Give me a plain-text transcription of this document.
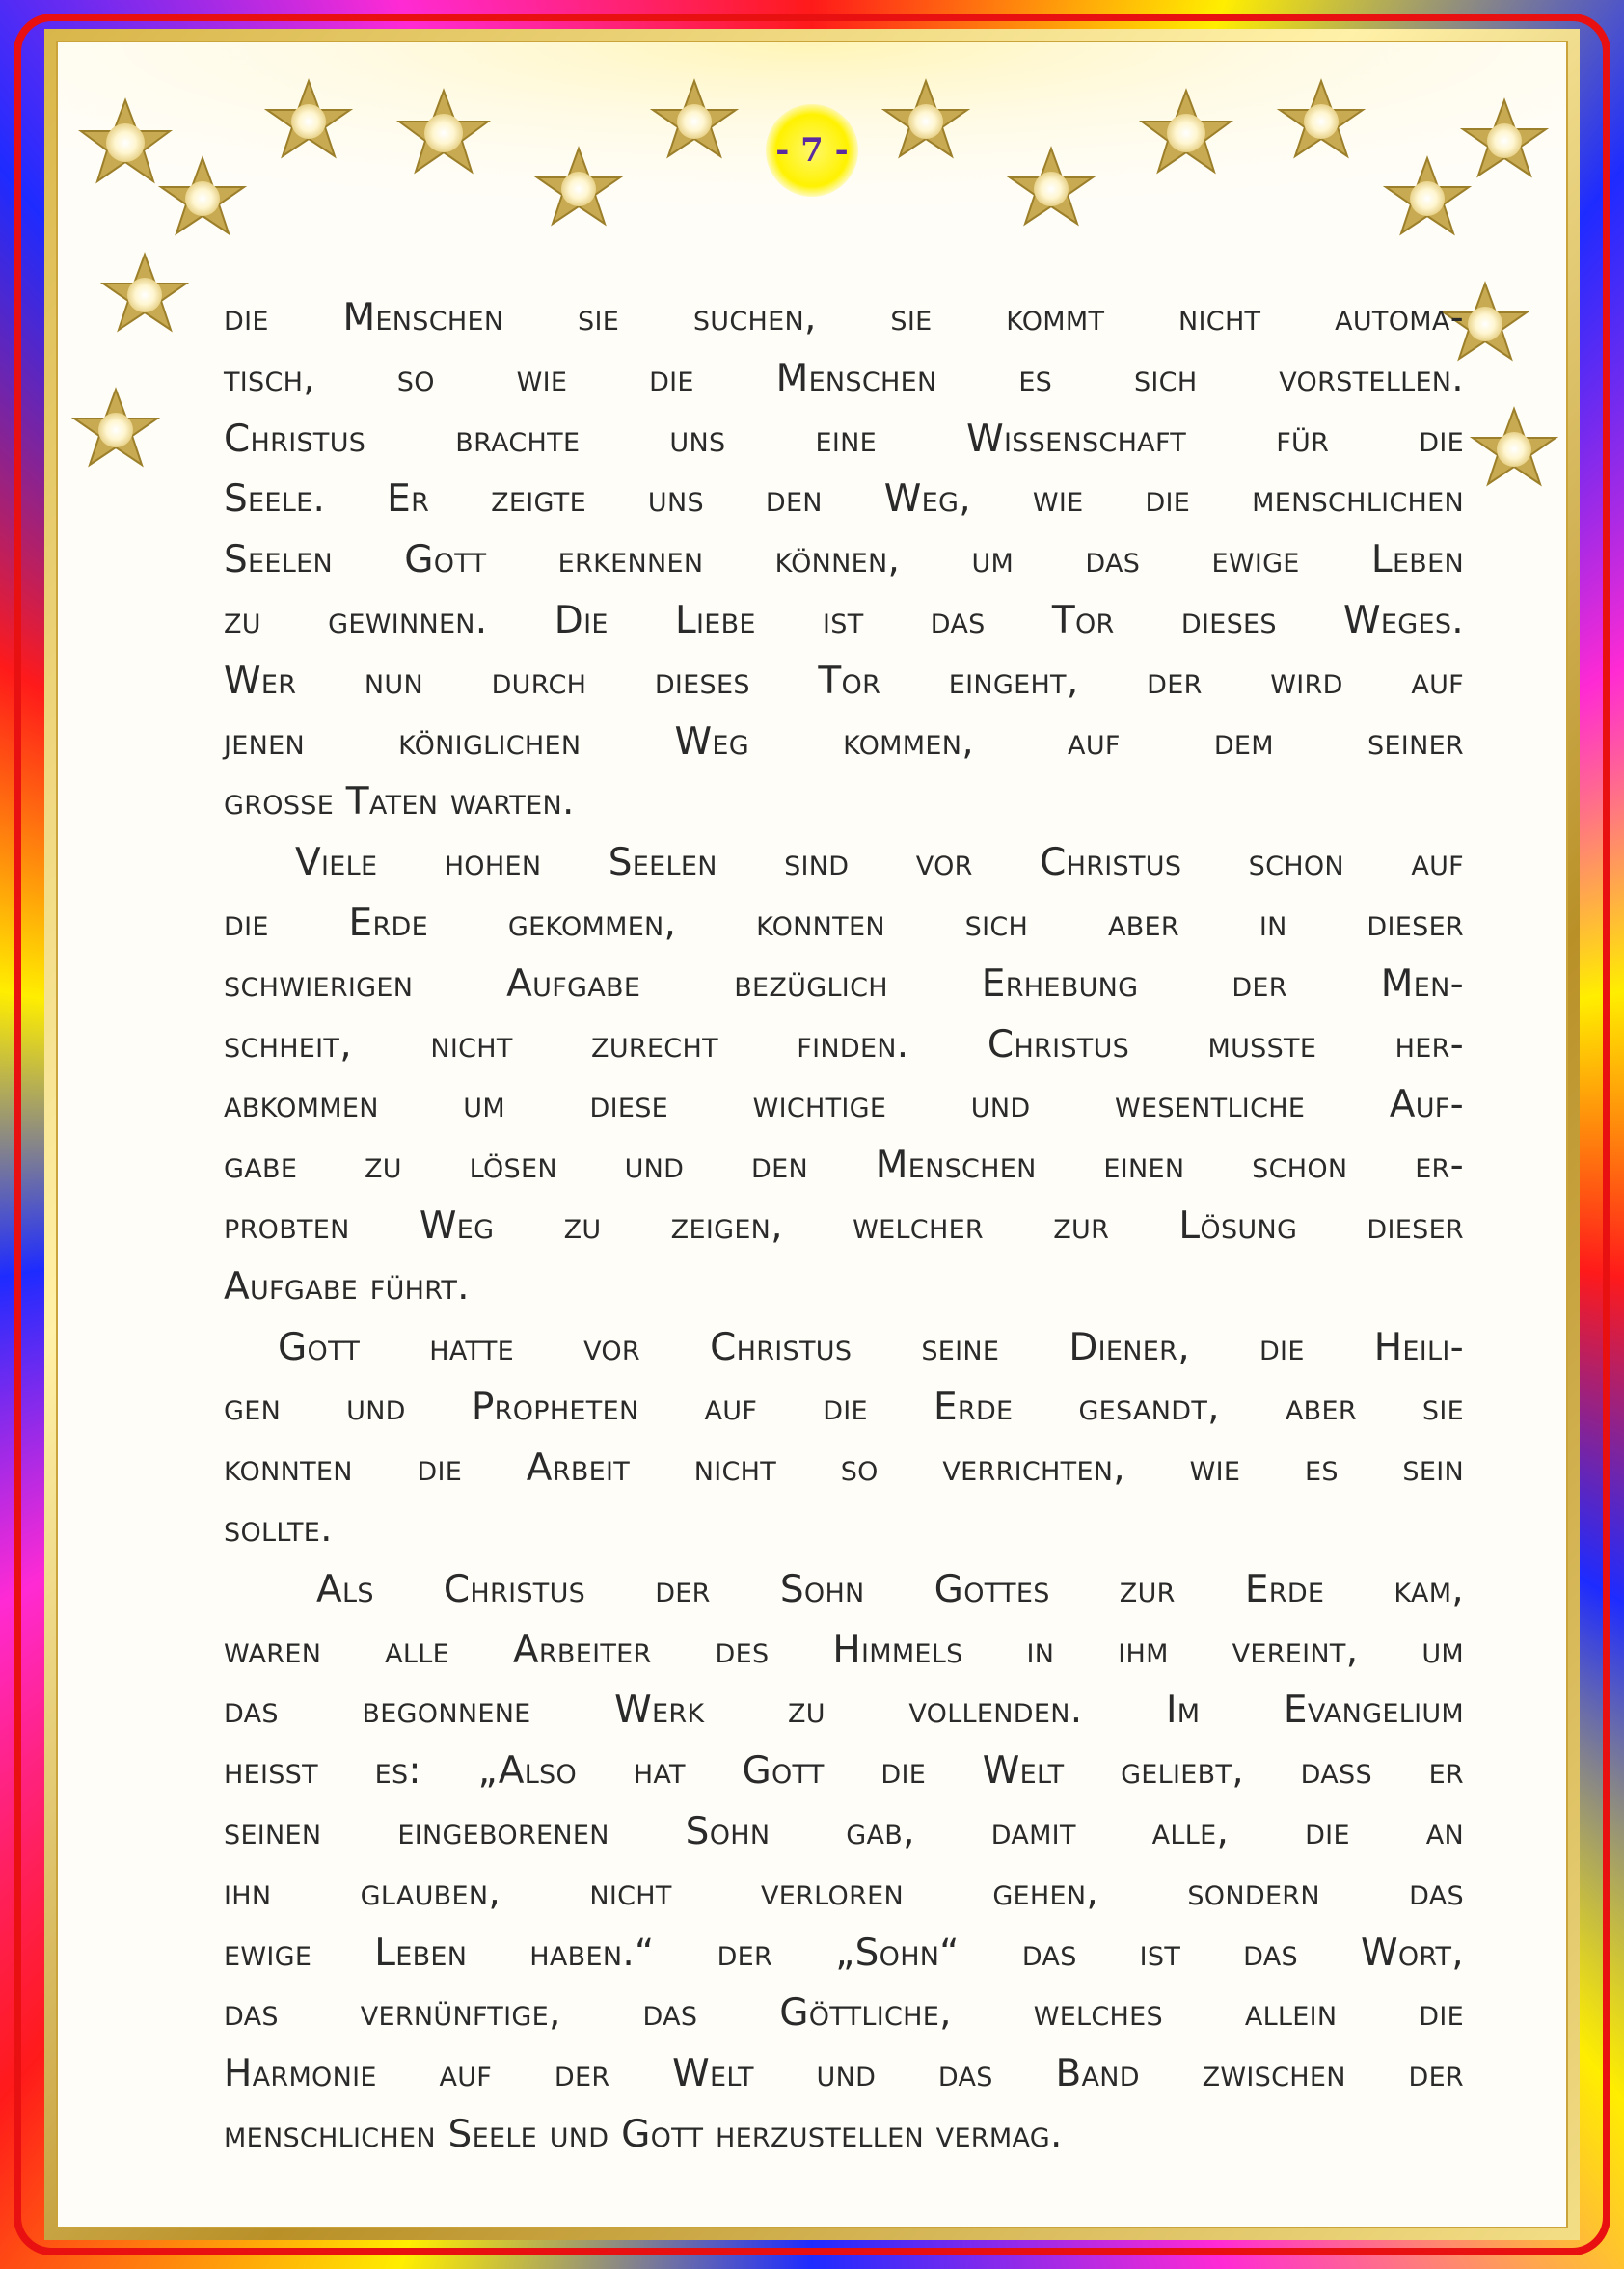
- 7 -
die Menschen sie suchen, sie kommt nicht automa-
tisch, so wie die Menschen es sich vorstellen.
Christus brachte uns eine Wissenschaft für die
Seele. Er zeigte uns den Weg, wie die menschlichen
Seelen Gott erkennen können, um das ewige Leben
zu gewinnen. Die Liebe ist das Tor dieses Weges.
Wer nun durch dieses Tor eingeht, der wird auf
jenen königlichen Weg kommen, auf dem seiner
grosse Taten warten.
Viele hohen Seelen sind vor Christus schon auf
die Erde gekommen, konnten sich aber in dieser
schwierigen Aufgabe bezüglich Erhebung der Men-
schheit, nicht zurecht finden. Christus musste her-
abkommen um diese wichtige und wesentliche Auf-
gabe zu lösen und den Menschen einen schon er-
probten Weg zu zeigen, welcher zur Lösung dieser
Aufgabe führt.
Gott hatte vor Christus seine Diener, die Heili-
gen und Propheten auf die Erde gesandt, aber sie
konnten die Arbeit nicht so verrichten, wie es sein
sollte.
Als Christus der Sohn Gottes zur Erde kam,
waren alle Arbeiter des Himmels in ihm vereint, um
das begonnene Werk zu vollenden. Im Evangelium
heisst es: „Also hat Gott die Welt geliebt, dass er
seinen eingeborenen Sohn gab, damit alle, die an
ihn glauben, nicht verloren gehen, sondern das
ewige Leben haben.“ der „Sohn“ das ist das Wort,
das vernünftige, das Göttliche, welches allein die
Harmonie auf der Welt und das Band zwischen der
menschlichen Seele und Gott herzustellen vermag.
